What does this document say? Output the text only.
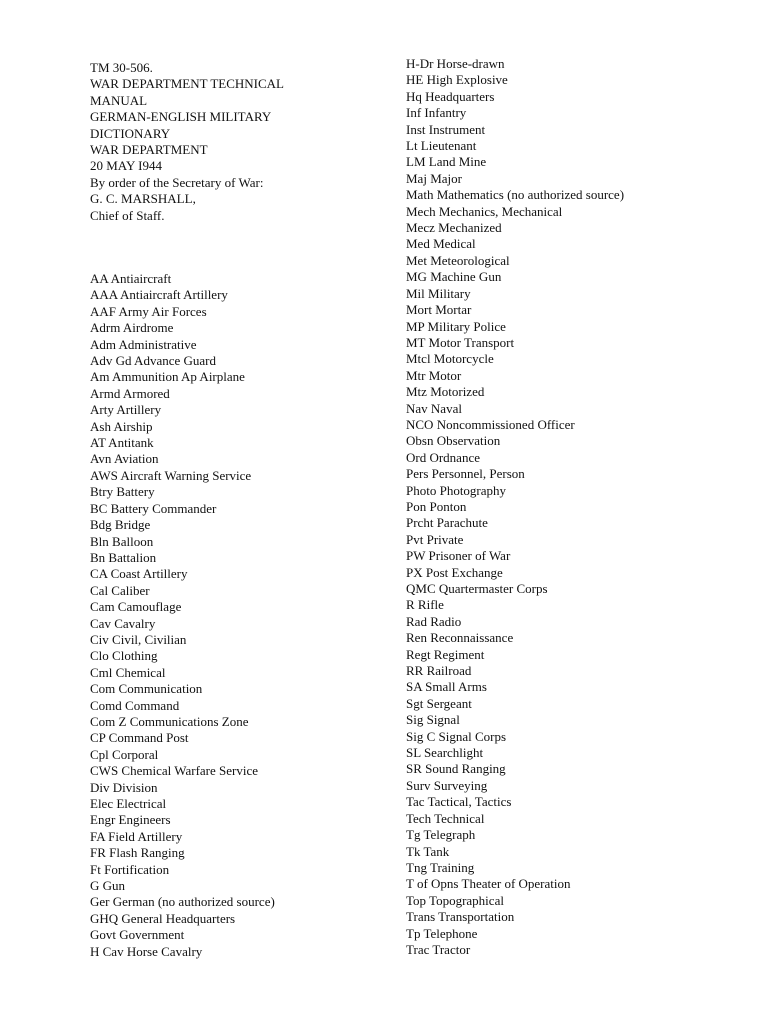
TM 30-506.
WAR DEPARTMENT TECHNICAL
MANUAL
GERMAN-ENGLISH MILITARY
DICTIONARY
WAR DEPARTMENT
20 MAY I944
By order of the Secretary of War:
G. C. MARSHALL,
Chief of Staff.
AA Antiaircraft
AAA Antiaircraft Artillery
AAF Army Air Forces
Adrm Airdrome
Adm Administrative
Adv Gd Advance Guard
Am Ammunition Ap Airplane
Armd Armored
Arty Artillery
Ash Airship
AT Antitank
Avn Aviation
AWS Aircraft Warning Service
Btry Battery
BC Battery Commander
Bdg Bridge
Bln Balloon
Bn Battalion
CA Coast Artillery
Cal Caliber
Cam Camouflage
Cav Cavalry
Civ Civil, Civilian
Clo Clothing
Cml Chemical
Com Communication
Comd Command
Com Z Communications Zone
CP Command Post
Cpl Corporal
CWS Chemical Warfare Service
Div Division
Elec Electrical
Engr Engineers
FA Field Artillery
FR Flash Ranging
Ft Fortification
G Gun
Ger German (no authorized source)
GHQ General Headquarters
Govt Government
H Cav Horse Cavalry
H-Dr Horse-drawn
HE High Explosive
Hq Headquarters
Inf Infantry
Inst Instrument
Lt Lieutenant
LM Land Mine
Maj Major
Math Mathematics (no authorized source)
Mech Mechanics, Mechanical
Mecz Mechanized
Med Medical
Met Meteorological
MG Machine Gun
Mil Military
Mort Mortar
MP Military Police
MT Motor Transport
Mtcl Motorcycle
Mtr Motor
Mtz Motorized
Nav Naval
NCO Noncommissioned Officer
Obsn Observation
Ord Ordnance
Pers Personnel, Person
Photo Photography
Pon Ponton
Prcht Parachute
Pvt Private
PW Prisoner of War
PX Post Exchange
QMC Quartermaster Corps
R Rifle
Rad Radio
Ren Reconnaissance
Regt Regiment
RR Railroad
SA Small Arms
Sgt Sergeant
Sig Signal
Sig C Signal Corps
SL Searchlight
SR Sound Ranging
Surv Surveying
Tac Tactical, Tactics
Tech Technical
Tg Telegraph
Tk Tank
Tng Training
T of Opns Theater of Operation
Top Topographical
Trans Transportation
Tp Telephone
Trac Tractor
